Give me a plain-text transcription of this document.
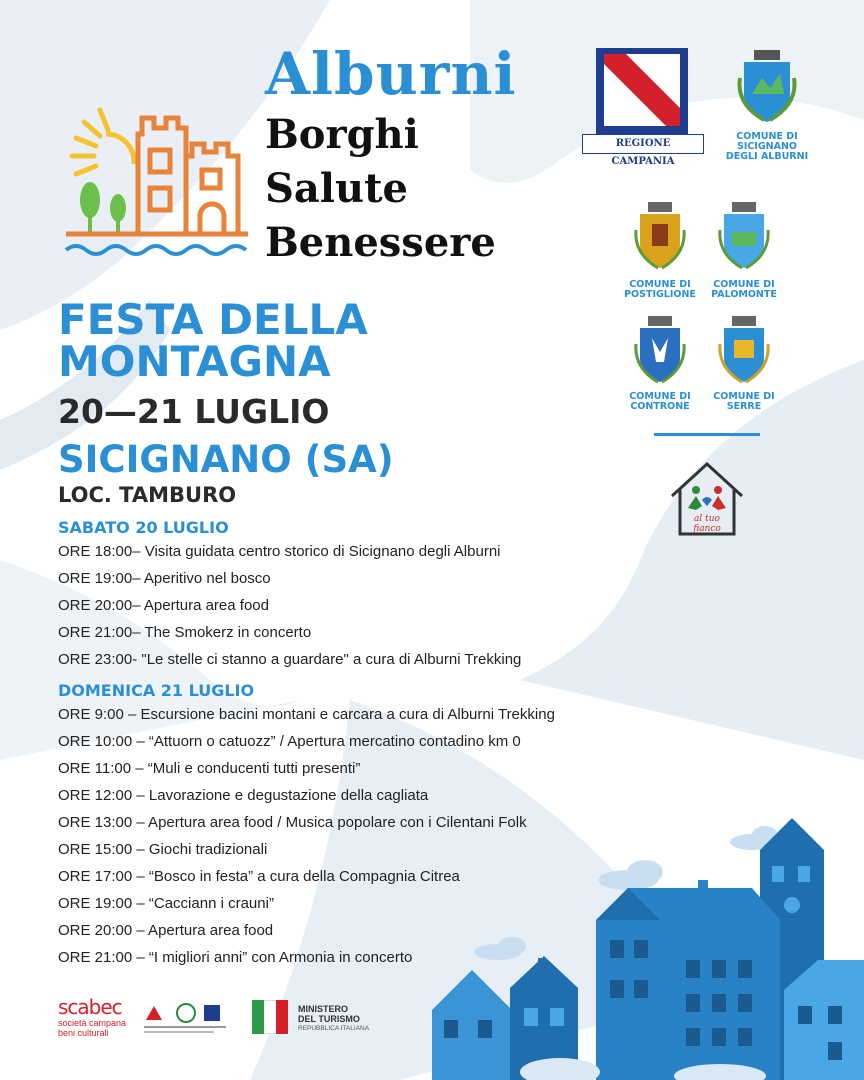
Alburni
Borghi
Salute
Benessere
REGIONE CAMPANIA
COMUNE DI
SICIGNANO
DEGLI ALBURNI
COMUNE DI
POSTIGLIONE
COMUNE DI
PALOMONTE
COMUNE DI
CONTRONE
COMUNE DI
SERRE
al tuo fianco
FESTA DELLA
MONTAGNA
20—21 LUGLIO
SICIGNANO (SA)
LOC. TAMBURO
SABATO 20 LUGLIO
ORE 18:00– Visita guidata centro storico di Sicignano degli Alburni
ORE 19:00– Aperitivo nel bosco
ORE 20:00– Apertura area food
ORE 21:00– The Smokerz in concerto
ORE 23:00- "Le stelle ci stanno a guardare" a cura di Alburni Trekking
DOMENICA 21 LUGLIO
ORE 9:00 – Escursione bacini montani e carcara a cura di Alburni Trekking
ORE 10:00 – “Attuorn o catuozz” / Apertura mercatino contadino km 0
ORE 11:00 – “Muli e conducenti tutti presenti”
ORE 12:00 – Lavorazione e degustazione della cagliata
ORE 13:00 – Apertura area food / Musica popolare con i Cilentani Folk
ORE 15:00 – Giochi tradizionali
ORE 17:00 – “Bosco in festa” a cura della Compagnia Citrea
ORE 19:00 – “Cacciann i crauni”
ORE 20:00 – Apertura area food
ORE 21:00 – “I migliori anni” con Armonia in concerto
scabec
società campana
beni culturali
MINISTERO
DEL TURISMO
REPUBBLICA ITALIANA
